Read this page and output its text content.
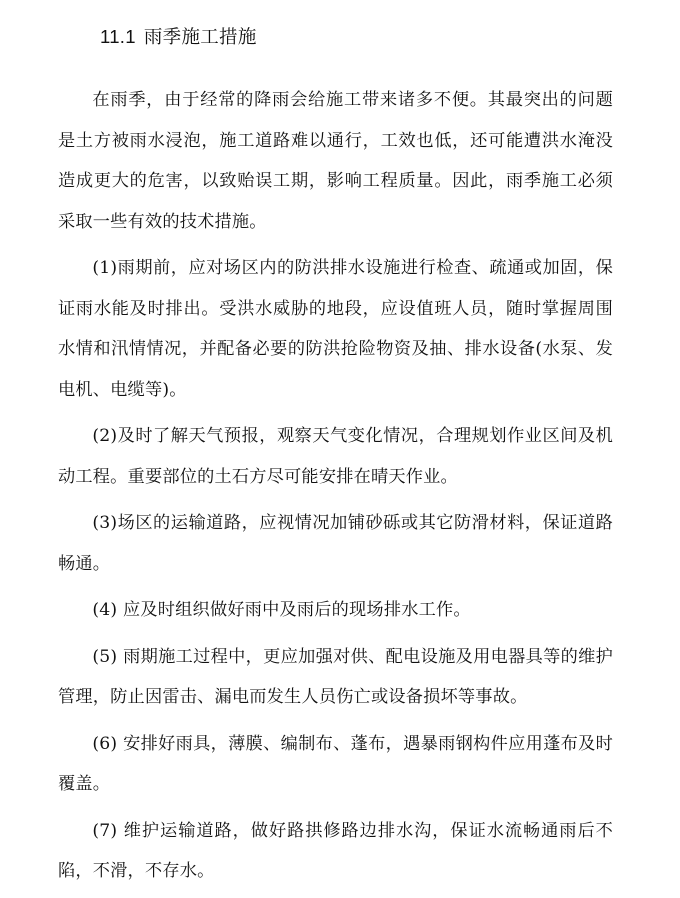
11.1 雨季施工措施

在雨季，由于经常的降雨会给施工带来诸多不便。其最突出的问题是土方被雨水浸泡，施工道路难以通行，工效也低，还可能遭洪水淹没造成更大的危害，以致贻误工期，影响工程质量。因此，雨季施工必须采取一些有效的技术措施。

(1)雨期前，应对场区内的防洪排水设施进行检查、疏通或加固，保证雨水能及时排出。受洪水威胁的地段，应设值班人员，随时掌握周围水情和汛情情况，并配备必要的防洪抢险物资及抽、排水设备(水泵、发电机、电缆等)。

(2)及时了解天气预报，观察天气变化情况，合理规划作业区间及机动工程。重要部位的土石方尽可能安排在晴天作业。

(3)场区的运输道路，应视情况加铺砂砾或其它防滑材料，保证道路畅通。

(4) 应及时组织做好雨中及雨后的现场排水工作。

(5) 雨期施工过程中，更应加强对供、配电设施及用电器具等的维护管理，防止因雷击、漏电而发生人员伤亡或设备损坏等事故。

(6) 安排好雨具，薄膜、编制布、蓬布，遇暴雨钢构件应用蓬布及时覆盖。

(7) 维护运输道路，做好路拱修路边排水沟，保证水流畅通雨后不陷，不滑，不存水。
